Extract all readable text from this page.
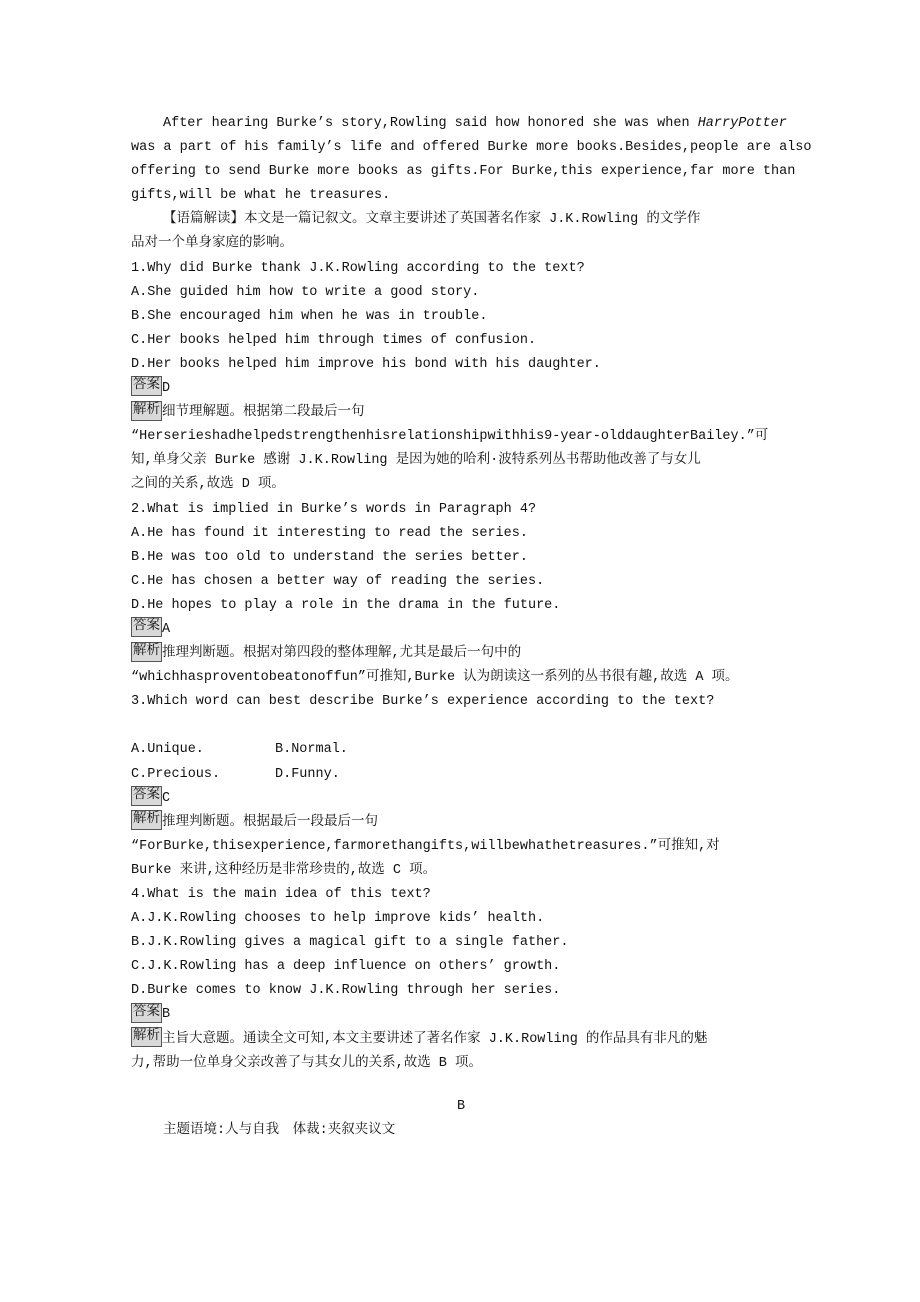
After hearing Burke’s story,Rowling said how honored she was when HarryPotter
was a part of his family’s life and offered Burke more books.Besides,people are also
offering to send Burke more books as gifts.For Burke,this experience,far more than
gifts,will be what he treasures.
【语篇解读】本文是一篇记叙文。文章主要讲述了英国著名作家 J.K.Rowling 的文学作
品对一个单身家庭的影响。
1.Why did Burke thank J.K.Rowling according to the text?
A.She guided him how to write a good story.
B.She encouraged him when he was in trouble.
C.Her books helped him through times of confusion.
D.Her books helped him improve his bond with his daughter.
答案 D
解析 细节理解题。根据第二段最后一句
“Herserieshadhelpedstrengthenhisrelationshipwithhis9-year-olddaughterBailey.”可
知,单身父亲 Burke 感谢 J.K.Rowling 是因为她的哈利·波特系列丛书帮助他改善了与女儿
之间的关系,故选 D 项。
2.What is implied in Burke’s words in Paragraph 4?
A.He has found it interesting to read the series.
B.He was too old to understand the series better.
C.He has chosen a better way of reading the series.
D.He hopes to play a role in the drama in the future.
答案 A
解析 推理判断题。根据对第四段的整体理解,尤其是最后一句中的
“whichhasproventobeatonoffun”可推知,Burke 认为朗读这一系列的丛书很有趣,故选 A 项。
3.Which word can best describe Burke’s experience according to the text?
A.Unique.	B.Normal.
C.Precious.	D.Funny.
答案 C
解析 推理判断题。根据最后一段最后一句
“ForBurke,thisexperience,farmorethangifts,willbewhathetreasures.”可推知,对
Burke 来讲,这种经历是非常珍贵的,故选 C 项。
4.What is the main idea of this text?
A.J.K.Rowling chooses to help improve kids’ health.
B.J.K.Rowling gives a magical gift to a single father.
C.J.K.Rowling has a deep influence on others’ growth.
D.Burke comes to know J.K.Rowling through her series.
答案 B
解析 主旨大意题。通读全文可知,本文主要讲述了著名作家 J.K.Rowling 的作品具有非凡的魅
力,帮助一位单身父亲改善了与其女儿的关系,故选 B 项。
B
主题语境:人与自我　体裁:夹叙夹议文
